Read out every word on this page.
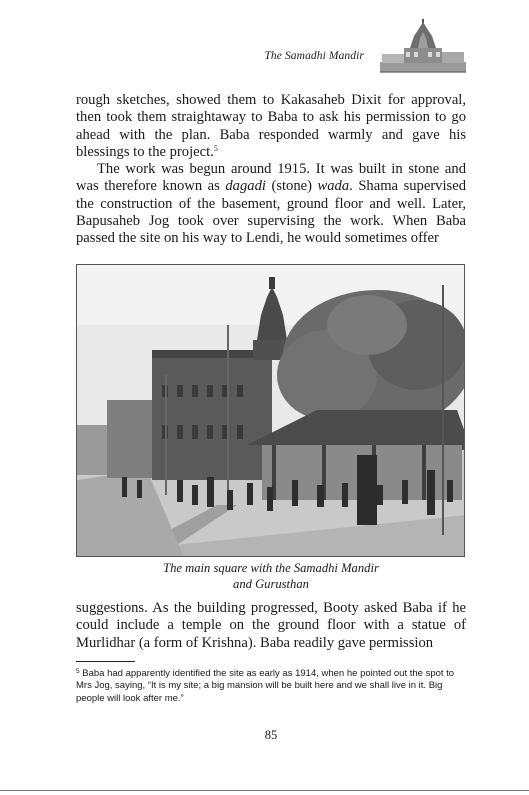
The Samadhi Mandir

rough sketches, showed them to Kakasaheb Dixit for approval, then took them straightaway to Baba to ask his permission to go ahead with the plan. Baba responded warmly and gave his blessings to the project.$^5$

The work was begun around 1915. It was built in stone and was therefore known as dagadi (stone) wada. Shama supervised the construction of the basement, ground floor and well. Later, Bapusaheb Jog took over supervising the work. When Baba passed the site on his way to Lendi, he would sometimes offer

The main square with the Samadhi Mandir
and Gurusthan

suggestions. As the building progressed, Booty asked Baba if he could include a temple on the ground floor with a statue of Murlidhar (a form of Krishna). Baba readily gave permission

$^5$ Baba had apparently identified the site as early as 1914, when he pointed out the spot to Mrs Jog, saying, “It is my site; a big mansion will be built here and we shall live in it. Big people will look after me.”

85
